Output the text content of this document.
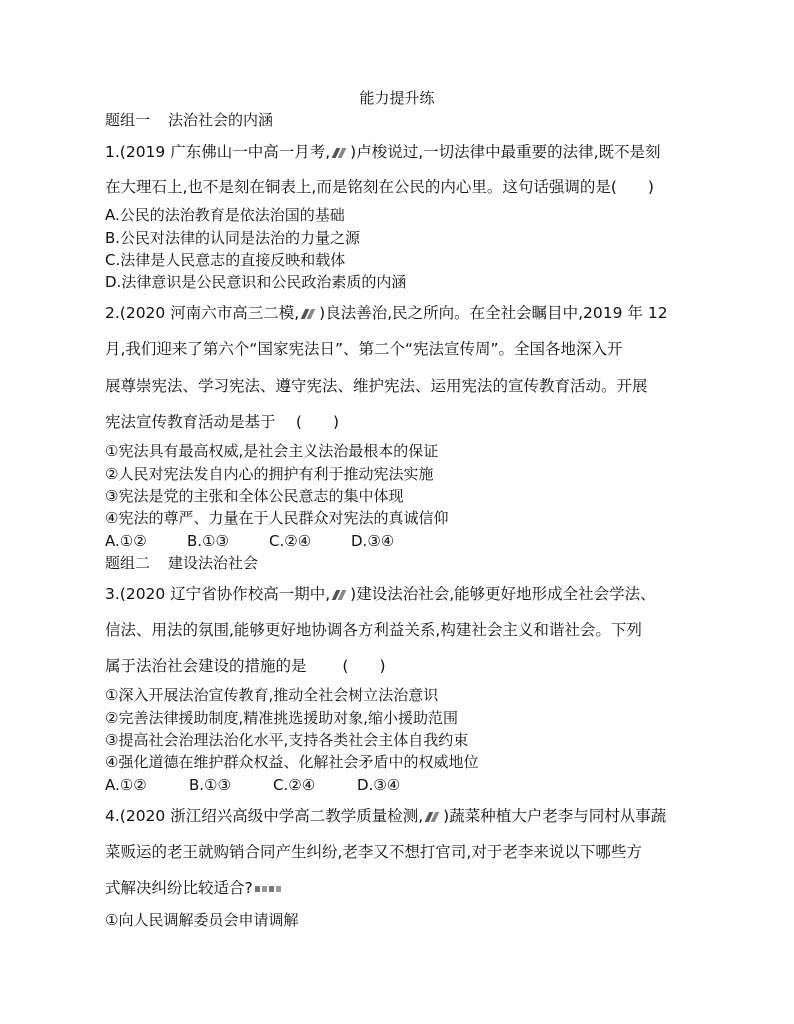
能力提升练
题组一 法治社会的内涵
1.(2019 广东佛山一中高一月考, )卢梭说过,一切法律中最重要的法律,既不是刻
在大理石上,也不是刻在铜表上,而是铭刻在公民的内心里。这句话强调的是(　　)
A.公民的法治教育是依法治国的基础
B.公民对法律的认同是法治的力量之源
C.法律是人民意志的直接反映和载体
D.法律意识是公民意识和公民政治素质的内涵
2.(2020 河南六市高三二模, )良法善治,民之所向。在全社会瞩目中,2019 年 12
月,我们迎来了第六个“国家宪法日”、第二个“宪法宣传周”。全国各地深入开
展尊崇宪法、学习宪法、遵守宪法、维护宪法、运用宪法的宣传教育活动。开展
宪法宣传教育活动是基于　 (　　)
①宪法具有最高权威,是社会主义法治最根本的保证
②人民对宪法发自内心的拥护有利于推动宪法实施
③宪法是党的主张和全体公民意志的集中体现
④宪法的尊严、力量在于人民群众对宪法的真诚信仰
A.①②	B.①③	C.②④	D.③④
题组二 建设法治社会
3.(2020 辽宁省协作校高一期中, )建设法治社会,能够更好地形成全社会学法、
信法、用法的氛围,能够更好地协调各方利益关系,构建社会主义和谐社会。下列
属于法治社会建设的措施的是　　 (　　)
①深入开展法治宣传教育,推动全社会树立法治意识
②完善法律援助制度,精准挑选援助对象,缩小援助范围
③提高社会治理法治化水平,支持各类社会主体自我约束
④强化道德在维护群众权益、化解社会矛盾中的权威地位
A.①②	B.①③	C.②④	D.③④
4.(2020 浙江绍兴高级中学高二教学质量检测, )蔬菜种植大户老李与同村从事蔬
菜贩运的老王就购销合同产生纠纷,老李又不想打官司,对于老李来说以下哪些方
式解决纠纷比较适合?
①向人民调解委员会申请调解
